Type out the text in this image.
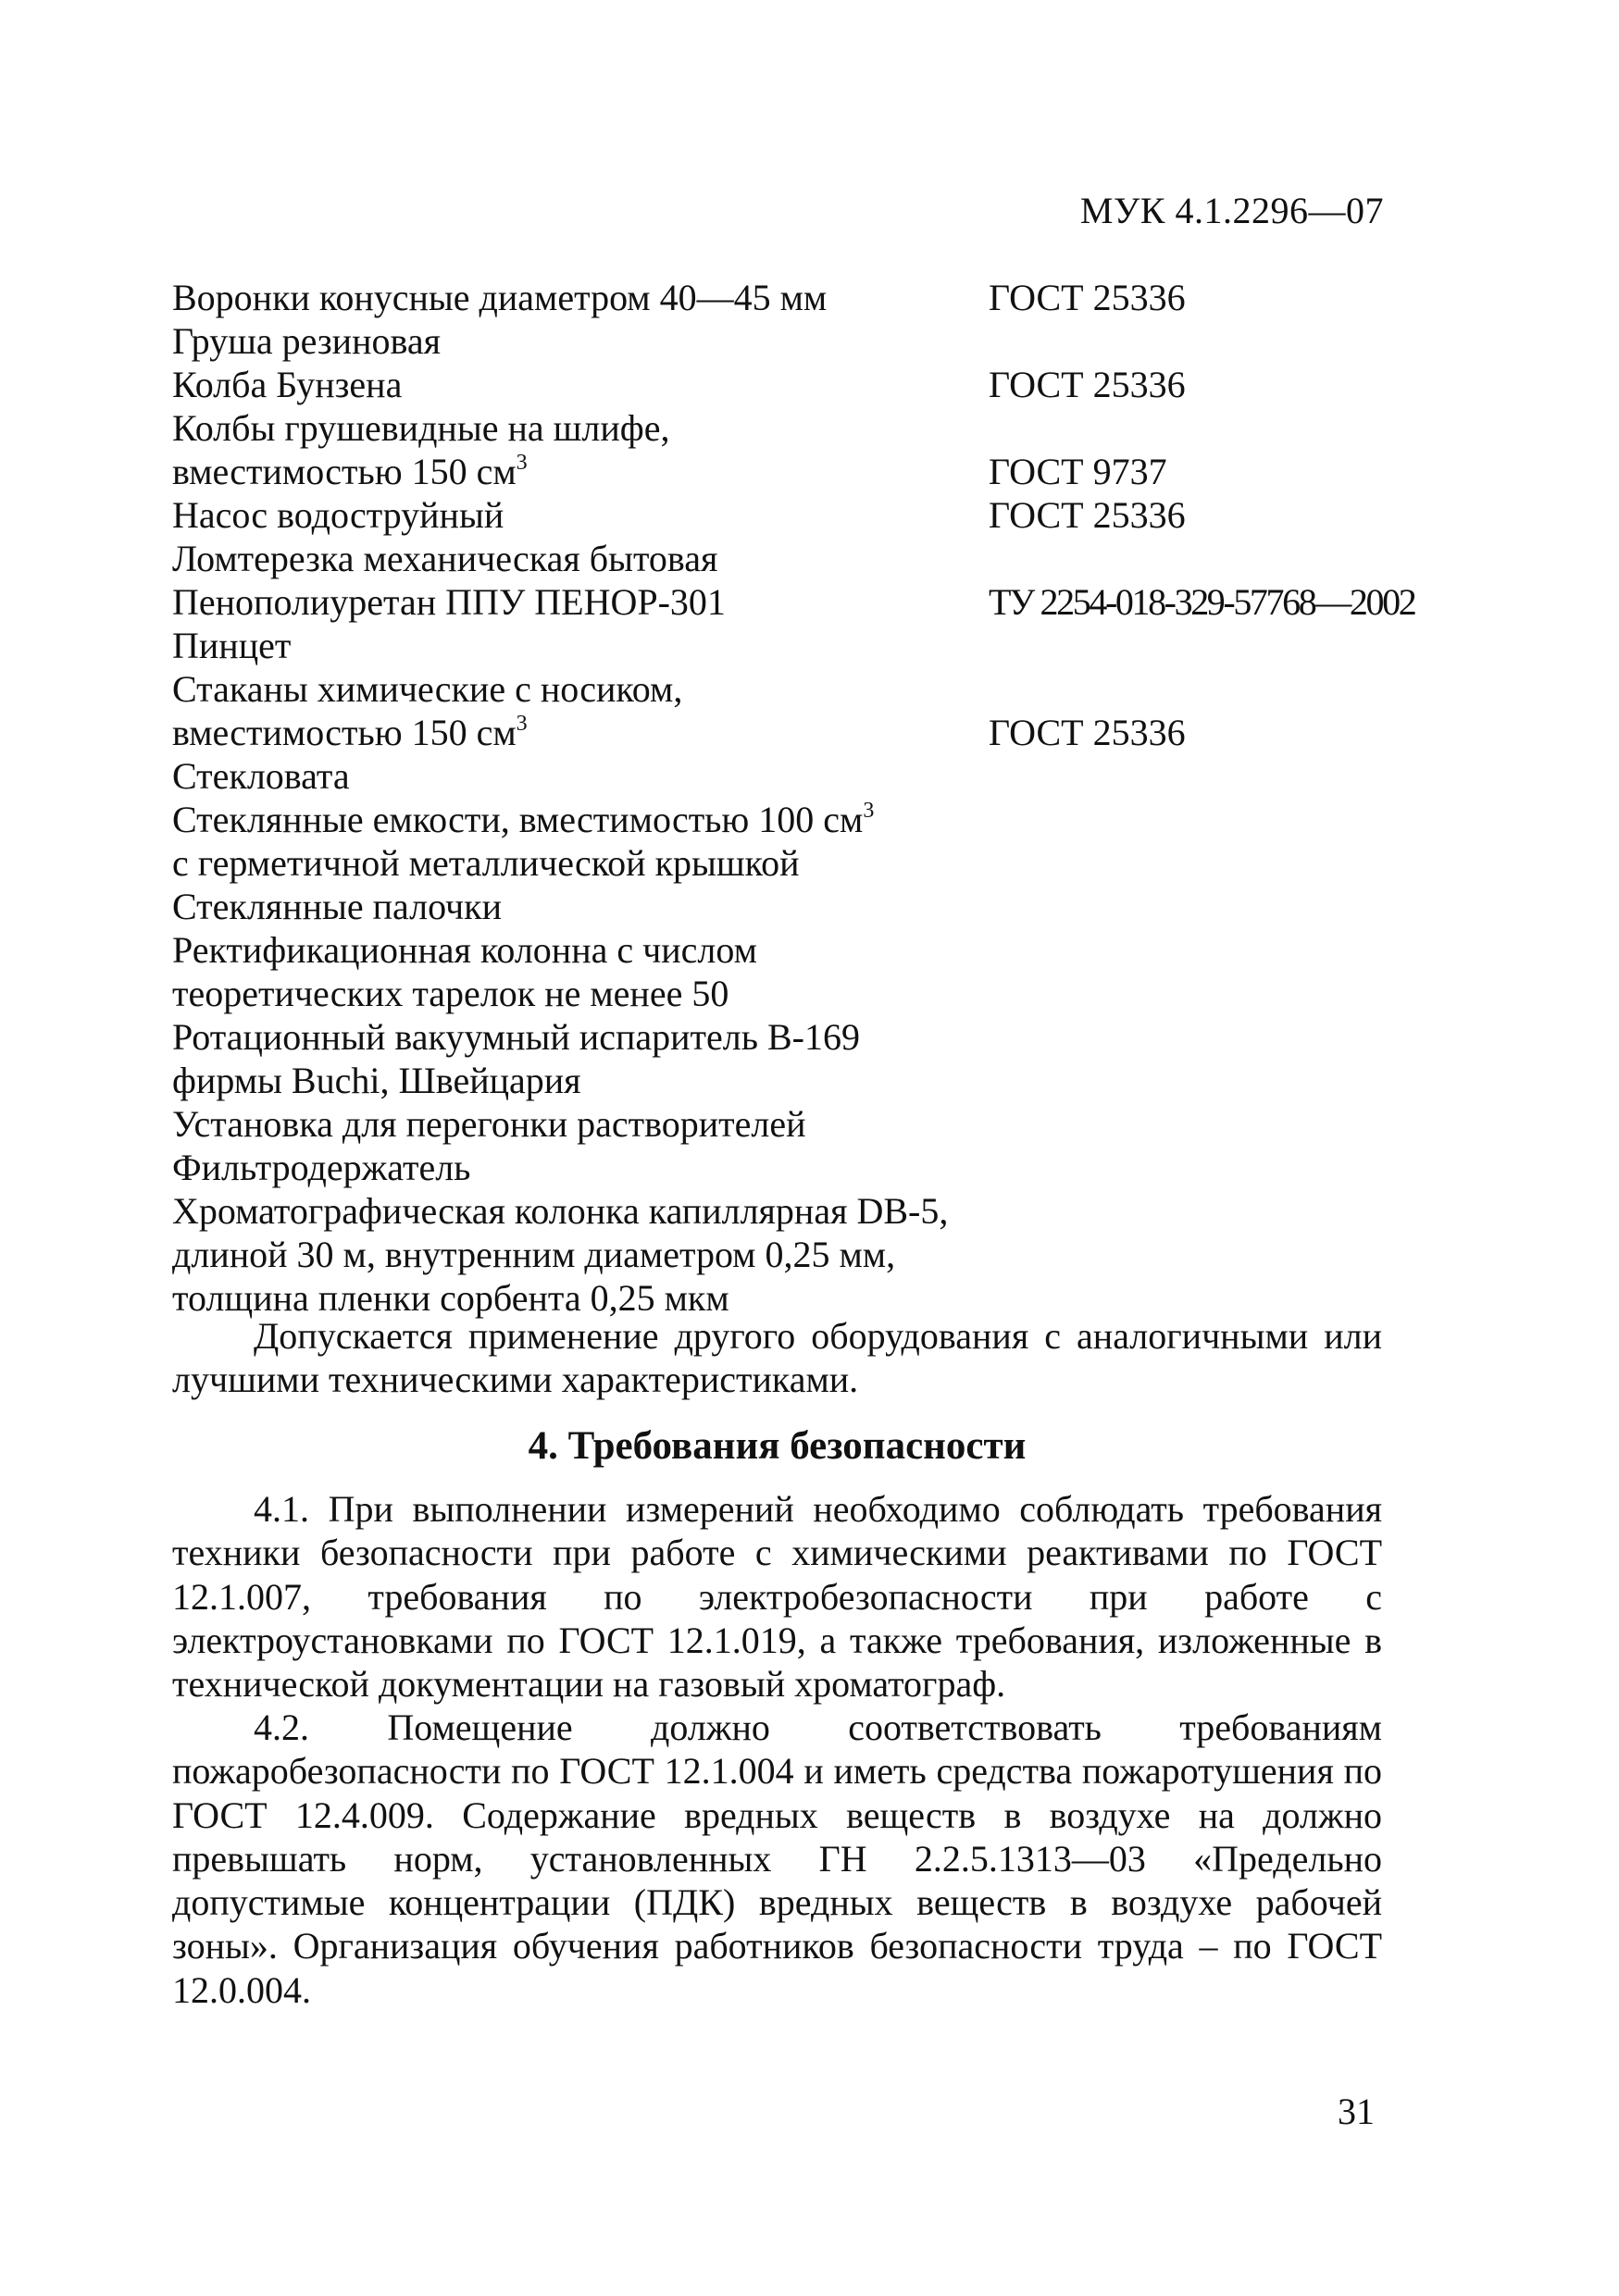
МУК 4.1.2296—07
Воронки конусные диаметром 40—45 мм	ГОСТ 25336
Груша резиновая
Колба Бунзена	ГОСТ 25336
Колбы грушевидные на шлифе,
вместимостью 150 $см^3$	ГОСТ 9737
Насос водоструйный	ГОСТ 25336
Ломтерезка механическая бытовая
Пенополиуретан ППУ ПЕНОР-301	ТУ 2254-018-329-57768—2002
Пинцет
Стаканы химические с носиком,
вместимостью 150 $см^3$	ГОСТ 25336
Стекловата
Стеклянные емкости, вместимостью 100 $см^3$
с герметичной металлической крышкой
Стеклянные палочки
Ректификационная колонна с числом
теоретических тарелок не менее 50
Ротационный вакуумный испаритель В-169
фирмы Buchi, Швейцария
Установка для перегонки растворителей
Фильтродержатель
Хроматографическая колонка капиллярная DB-5,
длиной 30 м, внутренним диаметром 0,25 мм,
толщина пленки сорбента 0,25 мкм

Допускается применение другого оборудования с аналогичными или лучшими техническими характеристиками.

4. Требования безопасности

4.1. При выполнении измерений необходимо соблюдать требования техники безопасности при работе с химическими реактивами по ГОСТ 12.1.007, требования по электробезопасности при работе с электроустановками по ГОСТ 12.1.019, а также требования, изложенные в технической документации на газовый хроматограф.

4.2. Помещение должно соответствовать требованиям пожаробезопасности по ГОСТ 12.1.004 и иметь средства пожаротушения по ГОСТ 12.4.009. Содержание вредных веществ в воздухе на должно превышать норм, установленных ГН 2.2.5.1313—03 «Предельно допустимые концентрации (ПДК) вредных веществ в воздухе рабочей зоны». Организация обучения работников безопасности труда – по ГОСТ 12.0.004.

31
